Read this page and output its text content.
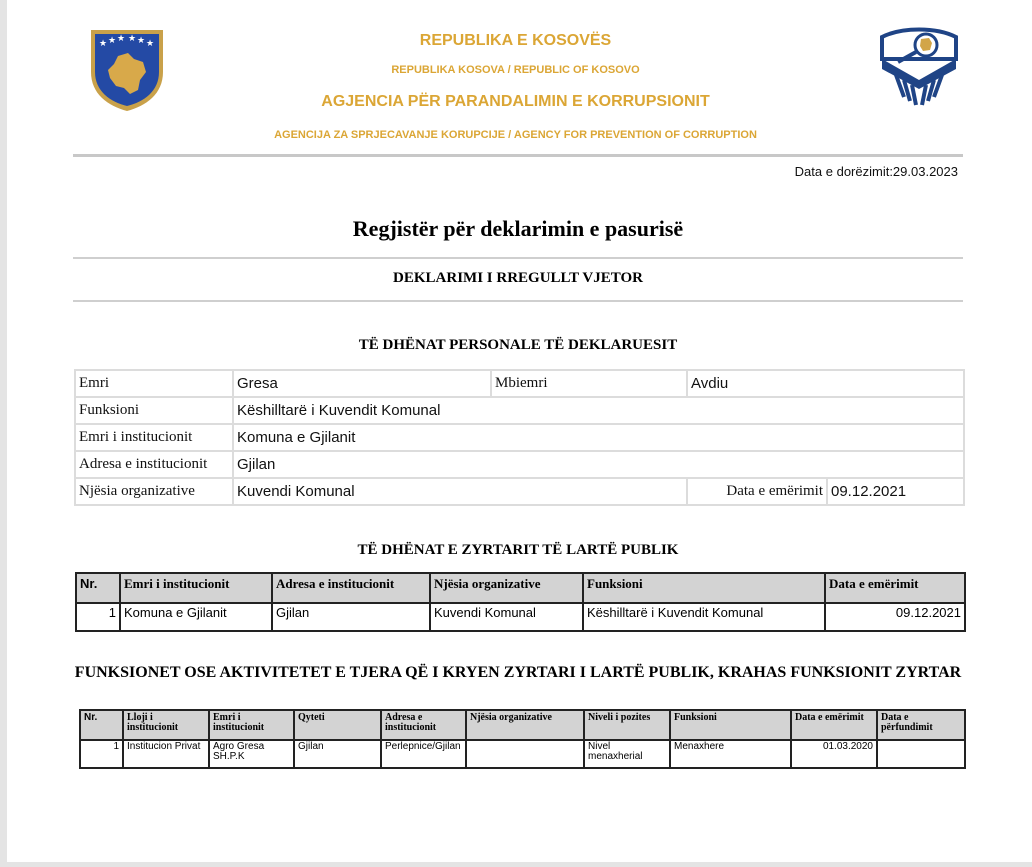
★ ★ ★ ★ ★ ★	REPUBLIKA E KOSOVËS
REPUBLIKA KOSOVA / REPUBLIC OF KOSOVO
AGJENCIA PËR PARANDALIMIN E KORRUPSIONIT
AGENCIJA ZA SPRJECAVANJE KORUPCIJE / AGENCY FOR PREVENTION OF CORRUPTION
Data e dorëzimit:29.03.2023
Regjistër për deklarimin e pasurisë
DEKLARIMI I RREGULLT VJETOR
TË DHËNAT PERSONALE TË DEKLARUESIT
Emri	Gresa	Mbiemri	Avdiu	
Funksioni	Këshilltarë i Kuvendit Komunal			
Emri i institucionit	Komuna e Gjilanit			
Adresa e institucionit	Gjilan			
Njësia organizative	Kuvendi Komunal		Data e emërimit	09.12.2021
TË DHËNAT E ZYRTARIT TË LARTË PUBLIK
Nr.	Emri i institucionit	Adresa e institucionit	Njësia organizative	Funksioni	Data e emërimit
1	Komuna e Gjilanit	Gjilan	Kuvendi Komunal	Këshilltarë i Kuvendit Komunal	09.12.2021
FUNKSIONET OSE AKTIVITETET E TJERA QË I KRYEN ZYRTARI I LARTË PUBLIK, KRAHAS FUNKSIONIT ZYRTAR
Nr.	Lloji i institucionit	Emri i institucionit	Qyteti	Adresa e institucionit	Njësia organizative	Niveli i pozites	Funksioni	Data e emërimit	Data e përfundimit
1	Institucion Privat	Agro Gresa SH.P.K	Gjilan	Perlepnice/Gjilan		Nivel menaxherial	Menaxhere	01.03.2020	
